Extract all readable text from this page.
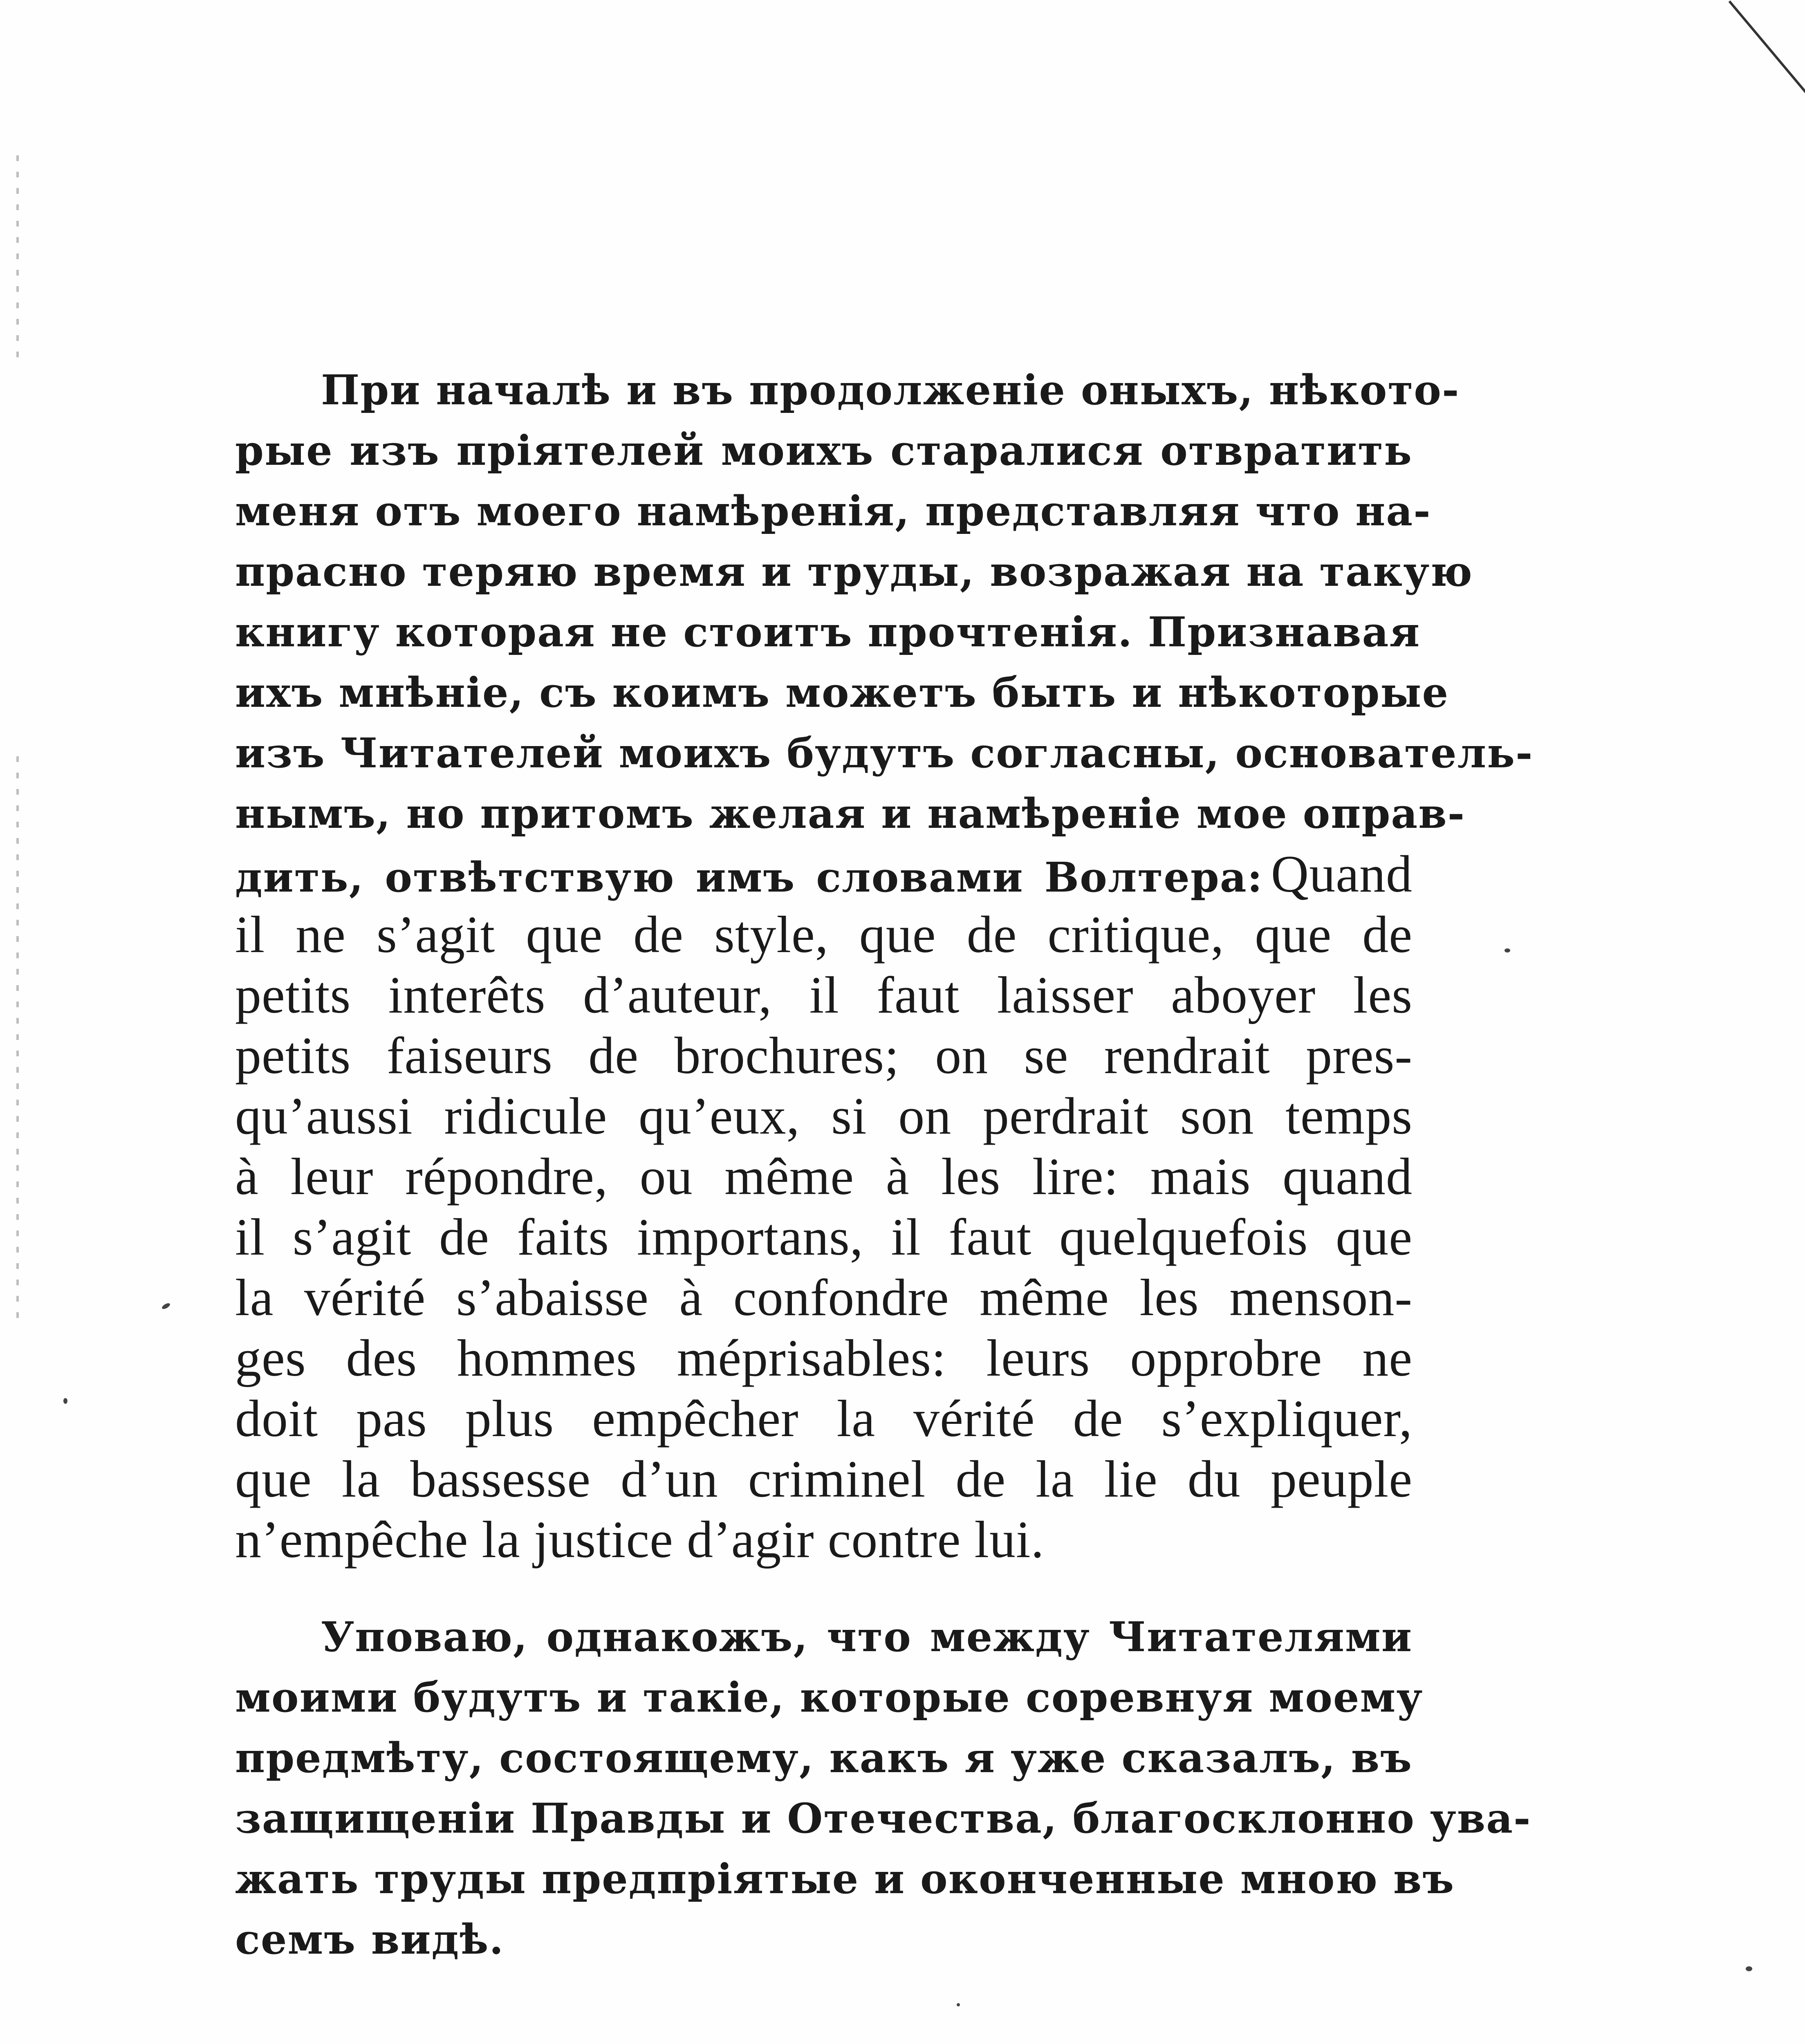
При началѣ и въ продолженiе оныхъ, нѣкото-
рые изъ прiятелей моихъ старалися отвратить
меня отъ моего намѣренiя, представляя что на-
прасно теряю время и труды, возражая на такую
книгу которая не стоитъ прочтенiя. Признавая
ихъ мнѣнiе, съ коимъ можетъ быть и нѣкоторые
изъ Читателей моихъ будутъ согласны, основатель-
нымъ, но притомъ желая и намѣренiе мое оправ-
дить, отвѣтствую имъ словами Волтера: Quand
il ne s’agit que de style, que de critique, que de
petits interêts d’auteur, il faut laisser aboyer les
petits faiseurs de brochures; on se rendrait pres-
qu’aussi ridicule qu’eux, si on perdrait son temps
à leur répondre, ou même à les lire: mais quand
il s’agit de faits importans, il faut quelquefois que
la vérité s’abaisse à confondre même les menson-
ges des hommes méprisables: leurs opprobre ne
doit pas plus empêcher la vérité de s’expliquer,
que la bassesse d’un criminel de la lie du peuple
n’empêche la justice d’agir contre lui.
Уповаю, однакожъ, что между Читателями
моими будутъ и такiе, которые соревнуя моему
предмѣту, состоящему, какъ я уже сказалъ, въ
защищенiи Правды и Отечества, благосклонно ува-
жать труды предпрiятые и оконченные мною въ
семъ видѣ.
